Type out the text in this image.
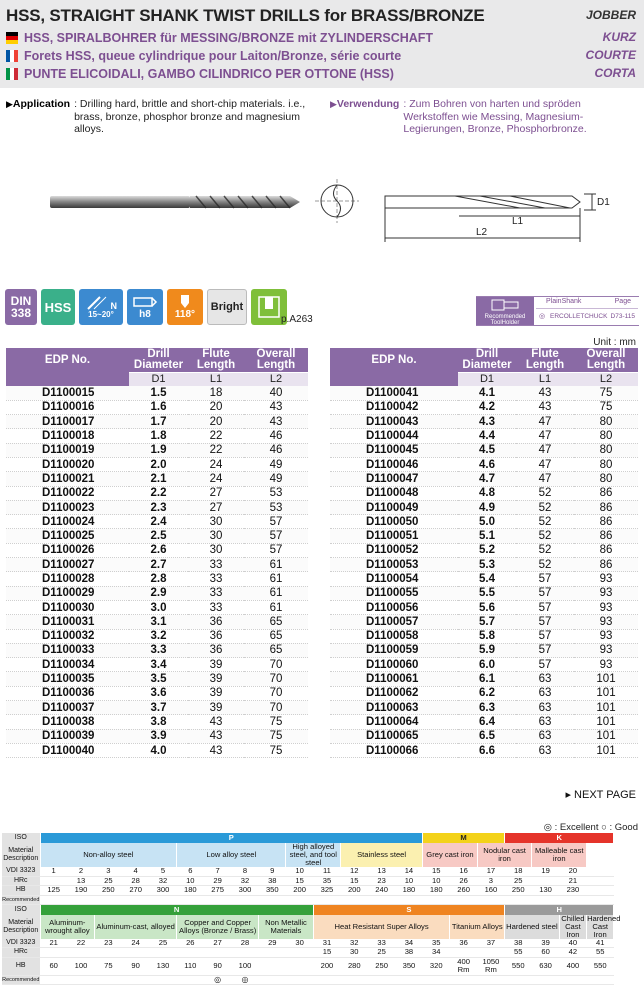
HSS, STRAIGHT SHANK TWIST DRILLS for BRASS/BRONZE	JOBBER
HSS, SPIRALBOHRER für MESSING/BRONZE mit ZYLINDERSCHAFT	KURZ
Forets HSS, queue cylindrique pour Laiton/Bronze, série courte	COURTE
PUNTE ELICOIDALI, GAMBO CILINDRICO PER OTTONE (HSS)	CORTA
▶Application : Drilling hard, brittle and short-chip materials. i.e., brass, bronze, phosphor bronze and magnesium alloys.
▶Verwendung : Zum Bohren von harten und spröden Werkstoffen wie Messing, Magnesium-Legierungen, Bronze, Phosphorbronze.
D1
L1
L2
DIN
338 HSS	N
15~20°	h8 118°
Bright
p.A263	Recommended ToolHolder
PlainShank	Page
◎ ERCOLLETCHUCK D73-115
Unit : mm
EDP No.	Drill Diameter	Flute Length	Overall Length
	D1	L1	L2
D1100015	1.5	18	40
D1100016	1.6	20	43
D1100017	1.7	20	43
D1100018	1.8	22	46
D1100019	1.9	22	46
D1100020	2.0	24	49
D1100021	2.1	24	49
D1100022	2.2	27	53
D1100023	2.3	27	53
D1100024	2.4	30	57
D1100025	2.5	30	57
D1100026	2.6	30	57
D1100027	2.7	33	61
D1100028	2.8	33	61
D1100029	2.9	33	61
D1100030	3.0	33	61
D1100031	3.1	36	65
D1100032	3.2	36	65
D1100033	3.3	36	65
D1100034	3.4	39	70
D1100035	3.5	39	70
D1100036	3.6	39	70
D1100037	3.7	39	70
D1100038	3.8	43	75
D1100039	3.9	43	75
D1100040	4.0	43	75
EDP No.	Drill Diameter	Flute Length	Overall Length
	D1	L1	L2
D1100041	4.1	43	75
D1100042	4.2	43	75
D1100043	4.3	47	80
D1100044	4.4	47	80
D1100045	4.5	47	80
D1100046	4.6	47	80
D1100047	4.7	47	80
D1100048	4.8	52	86
D1100049	4.9	52	86
D1100050	5.0	52	86
D1100051	5.1	52	86
D1100052	5.2	52	86
D1100053	5.3	52	86
D1100054	5.4	57	93
D1100055	5.5	57	93
D1100056	5.6	57	93
D1100057	5.7	57	93
D1100058	5.8	57	93
D1100059	5.9	57	93
D1100060	6.0	57	93
D1100061	6.1	63	101
D1100062	6.2	63	101
D1100063	6.3	63	101
D1100064	6.4	63	101
D1100065	6.5	63	101
D1100066	6.6	63	101
▸ NEXT PAGE
◎ : Excellent ○ : Good
ISO	P														M			K				
Material Description	Non-alloy steel					Low alloy steel				High alloyed steel, and tool steel		Stainless steel			Grey cast iron		Nodular cast iron		Malleable cast iron			
VDI 3323	1	2	3	4	5	6	7	8	9	10	11	12	13	14	15	16	17	18	19	20		
HRc		13	25	28	32	10	29	32	38	15	35	15	23	10	10	26	3	25		21		
HB	125	190	250	270	300	180	275	300	350	200	325	200	240	180	180	260	160	250	130	230		
Recommended																						
ISO	N										S							H				
Material Description	Aluminum-wrought alloy		Aluminum-cast, alloyed			Copper and Copper Alloys (Bronze / Brass)			Non Metallic Materials		Heat Resistant Super Alloys					Titanium Alloys		Hardened steel		Chilled Cast Iron	Hardened Cast Iron	
VDI 3323	21	22	23	24	25	26	27	28	29	30	31	32	33	34	35	36	37	38	39	40	41	
HRc											15	30	25	38	34			55	60	42	55	
HB	60	100	75	90	130	110	90	100			200	280	250	350	320	400 Rm	1050 Rm	550	630	400	550	
Recommended							◎	◎														
